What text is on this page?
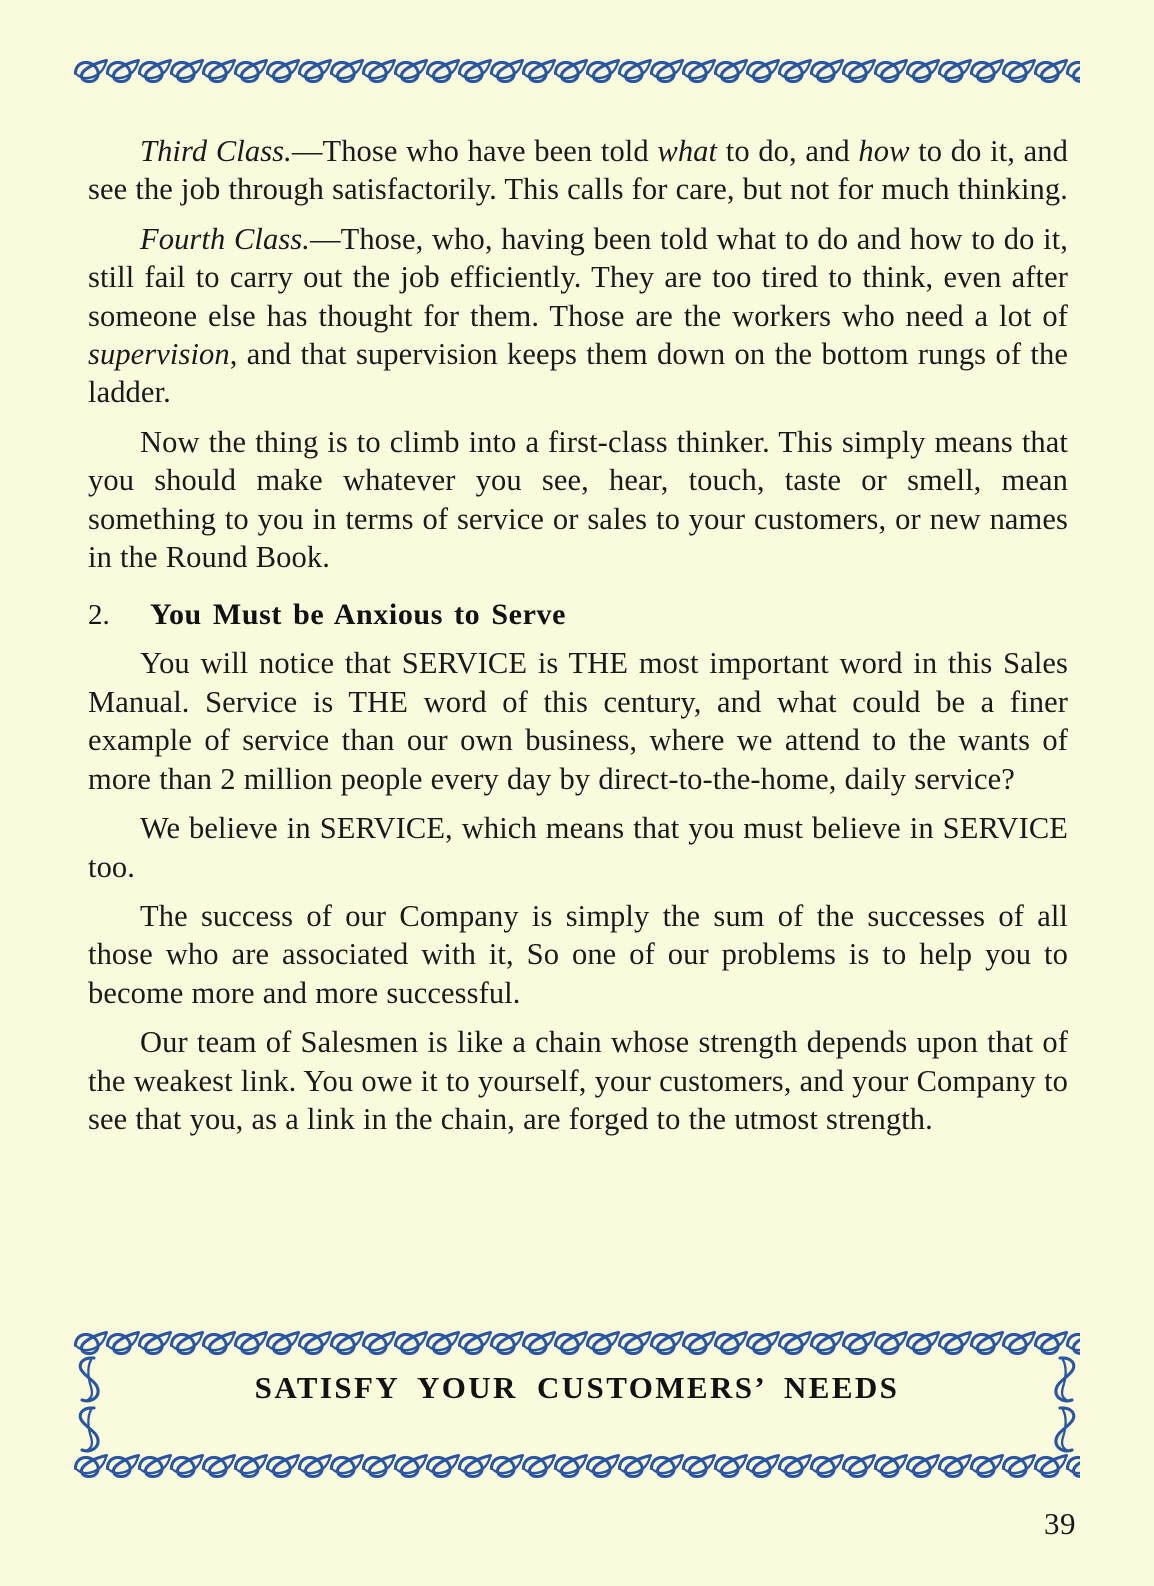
Third Class.—Those who have been told what to do, and how to do it, and see the job through satisfactorily. This calls for care, but not for much thinking.

Fourth Class.—Those, who, having been told what to do and how to do it, still fail to carry out the job efficiently. They are too tired to think, even after someone else has thought for them. Those are the workers who need a lot of supervision, and that supervision keeps them down on the bottom rungs of the ladder.

Now the thing is to climb into a first-class thinker. This simply means that you should make whatever you see, hear, touch, taste or smell, mean something to you in terms of service or sales to your customers, or new names in the Round Book.

2.	You Must be Anxious to Serve

You will notice that SERVICE is THE most important word in this Sales Manual. Service is THE word of this century, and what could be a finer example of service than our own business, where we attend to the wants of more than 2 million people every day by direct-to-the-home, daily service?

We believe in SERVICE, which means that you must believe in SERVICE too.

The success of our Company is simply the sum of the successes of all those who are associated with it, So one of our problems is to help you to become more and more successful.

Our team of Salesmen is like a chain whose strength depends upon that of the weakest link. You owe it to yourself, your customers, and your Company to see that you, as a link in the chain, are forged to the utmost strength.

SATISFY YOUR CUSTOMERS’ NEEDS
39
